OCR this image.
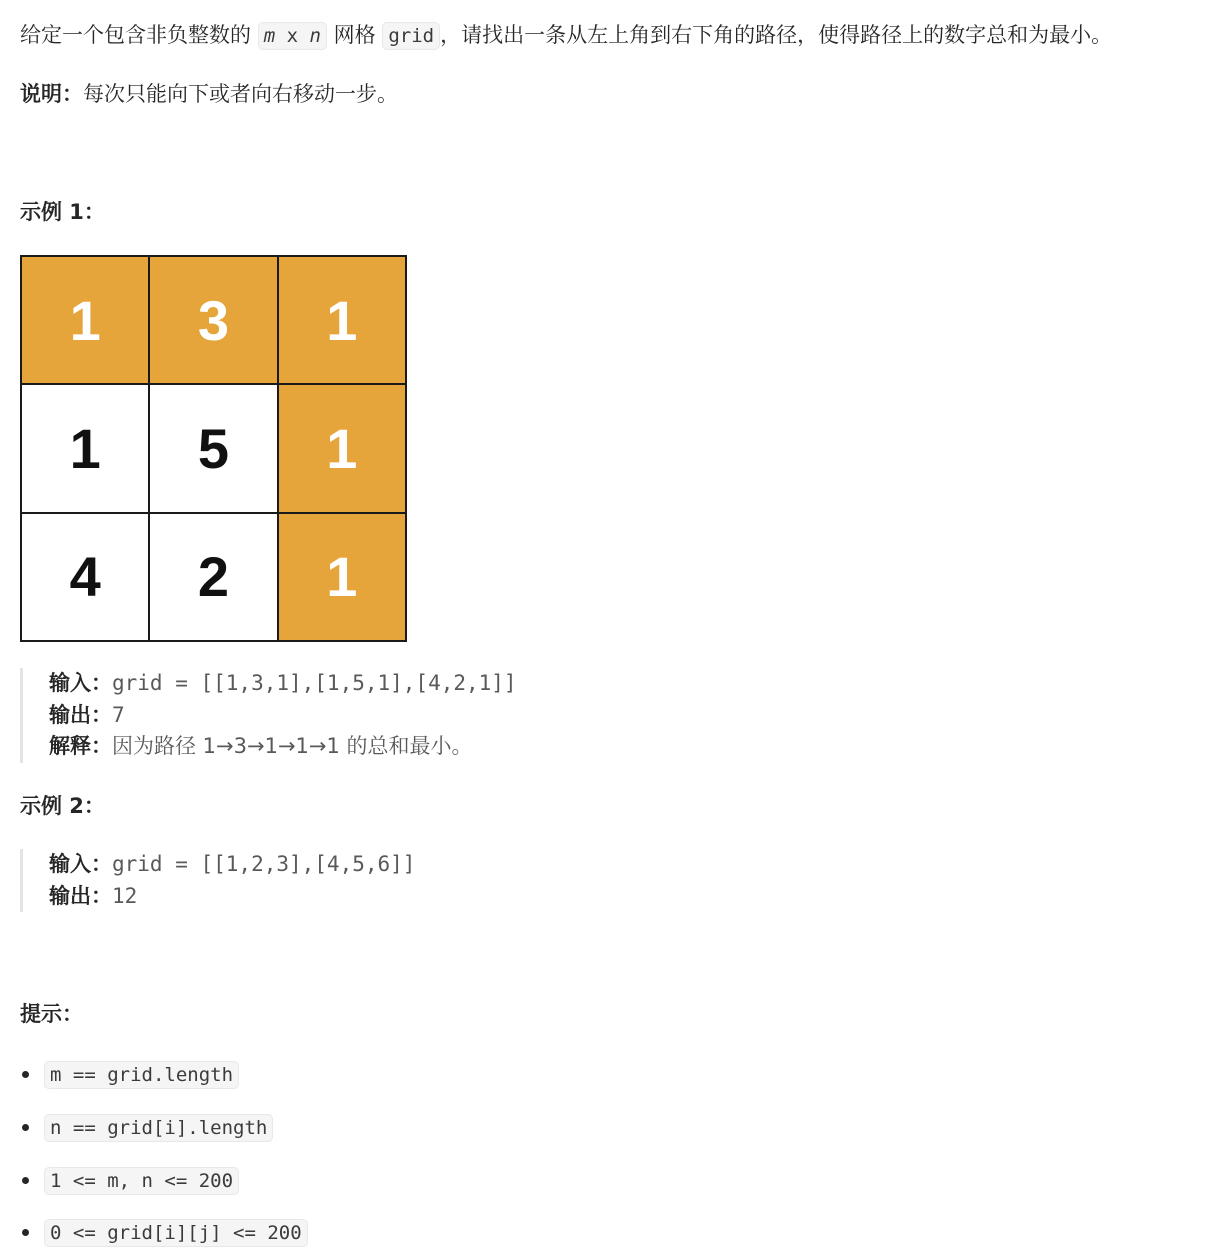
给定一个包含非负整数的 m x n 网格 grid ，请找出一条从左上角到右下角的路径，使得路径上的数字总和为最小。
说明：每次只能向下或者向右移动一步。
示例 1：
1	3	1
1	5	1
4	2	1
输入：grid = [[1,3,1],[1,5,1],[4,2,1]]
输出：7
解释：因为路径 1→3→1→1→1 的总和最小。
示例 2：
输入：grid = [[1,2,3],[4,5,6]]
输出：12
提示：
m == grid.length
n == grid[i].length
1 <= m, n <= 200
0 <= grid[i][j] <= 200
